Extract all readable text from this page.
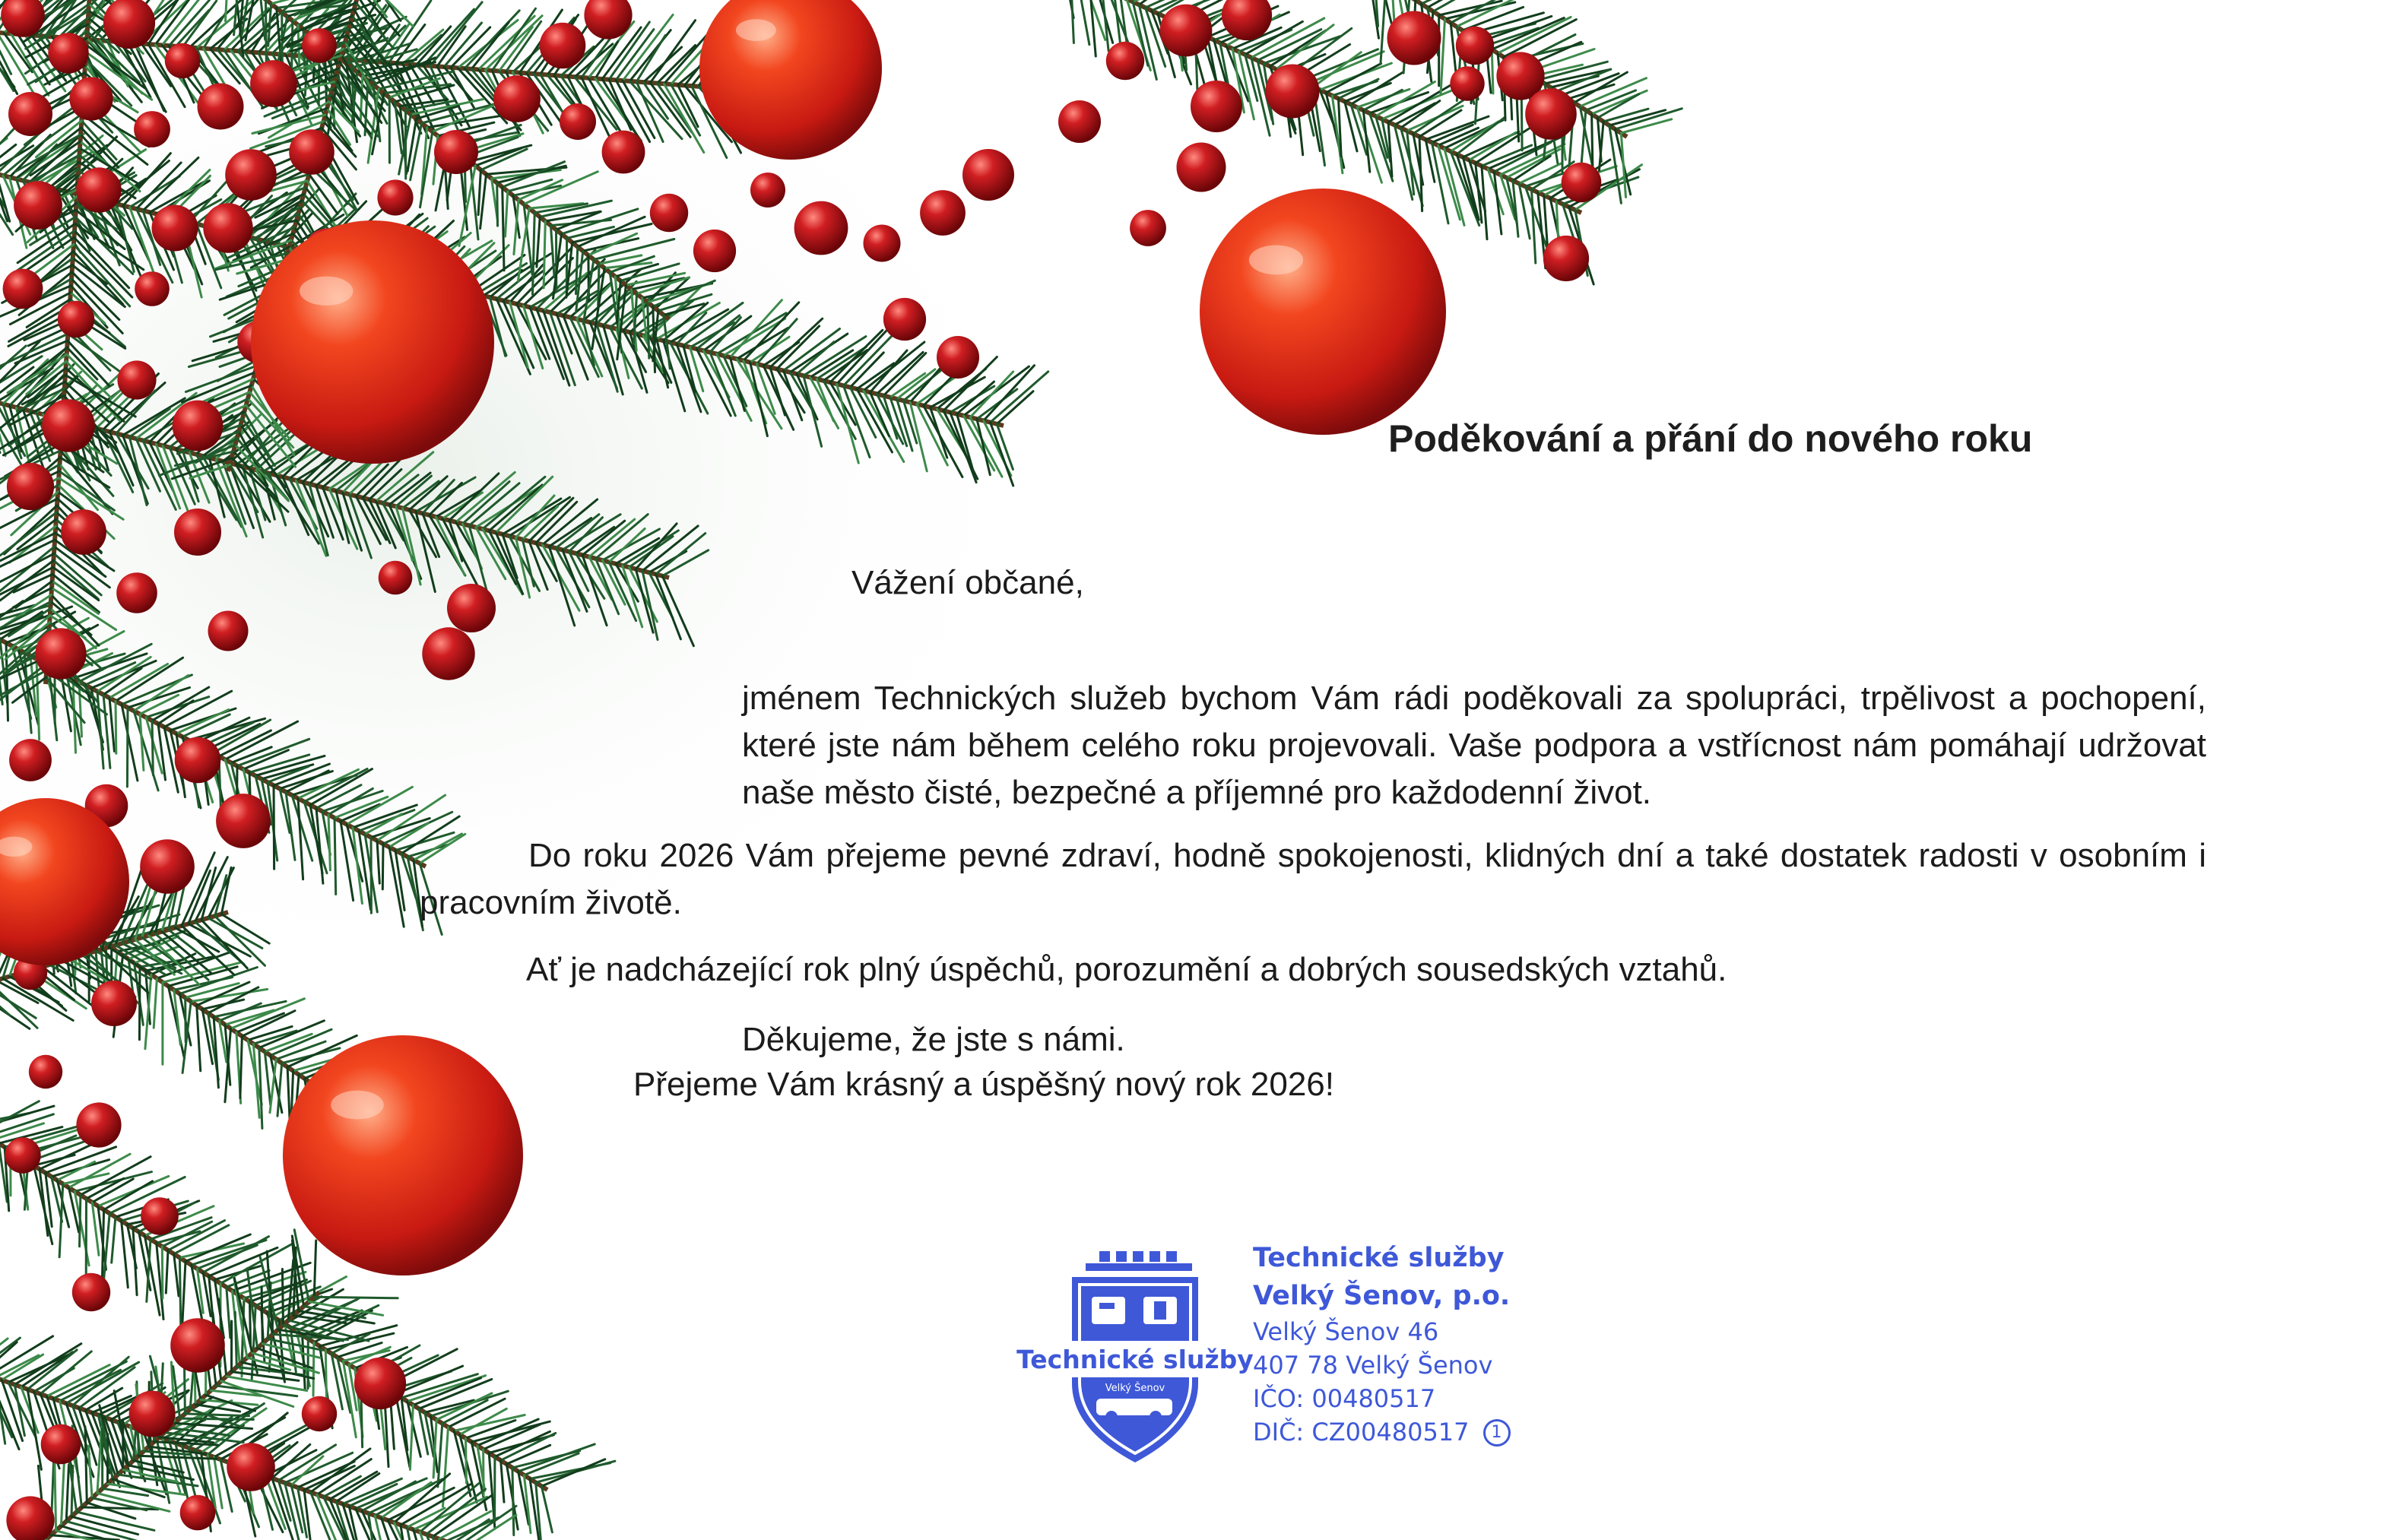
Poděkování a přání do nového roku
Vážení občané,

jménem Technických služeb bychom Vám rádi poděkovali za spolupráci, trpělivost a pochopení, které jste nám během celého roku projevovali. Vaše podpora a vstřícnost nám pomáhají udržovat naše město čisté, bezpečné a příjemné pro každodenní život.

Do roku 2026 Vám přejeme pevné zdraví, hodně spokojenosti, klidných dní a také dostatek radosti v osobním i pracovním životě.

Ať je nadcházející rok plný úspěchů, porozumění a dobrých sousedských vztahů.
Děkujeme, že jste s námi.
Přejeme Vám krásný a úspěšný nový rok 2026!
Technické služby
Velký Šenov
Technické služby
Velký Šenov, p.o.
Velký Šenov 46
407 78 Velký Šenov
IČO: 00480517
DIČ: CZ00480517 1
